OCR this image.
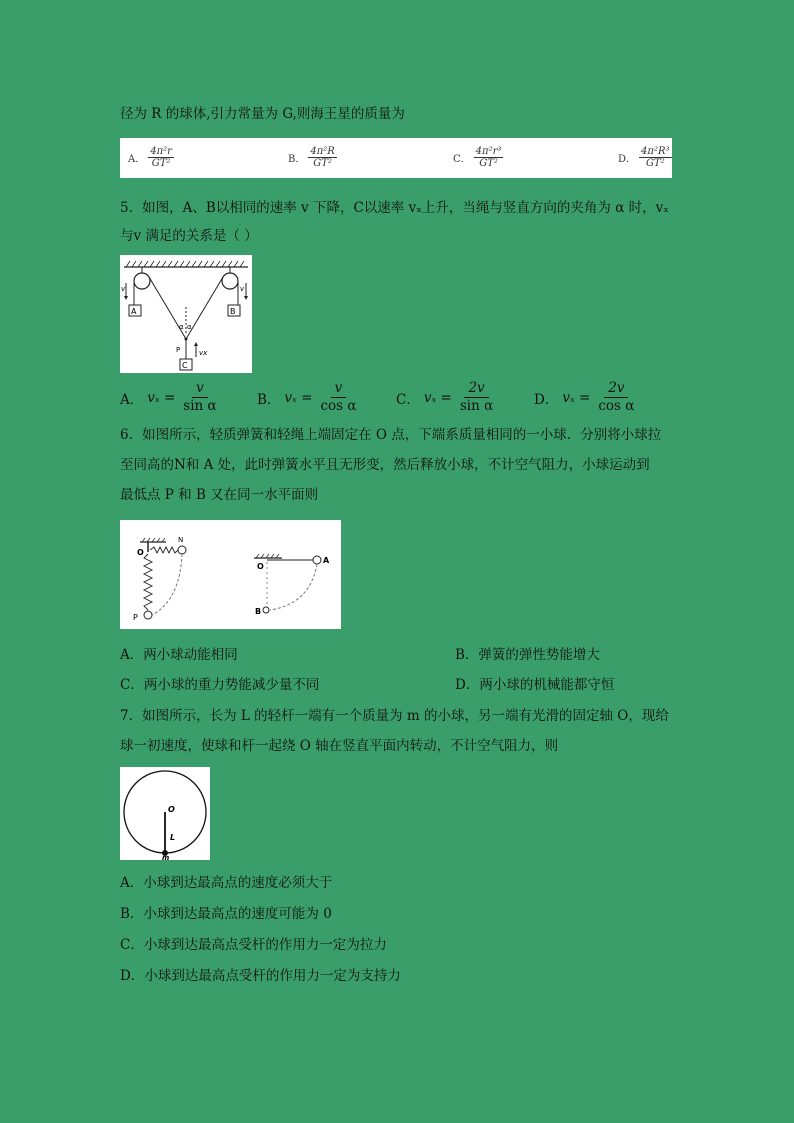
径为 R 的球体,引力常量为 G,则海王星的质量为
A． $\frac{\text{4π²r}}{\text{GT²}}$	B． $\frac{\text{4π²R}}{\text{GT²}}$	C． $\frac{\text{4π²r³}}{\text{GT²}}$	D． $\frac{\text{4π²R³}}{\text{GT²}}$
5．如图，A、B以相同的速率 v 下降，C以速率 vₓ上升，当绳与竖直方向的夹角为 α 时，vₓ
与v 满足的关系是（ ）
A	B
v	v
α α
P
C
vx
A． $v_x = \frac{v}{\text{sin α}}$	B． $v_x = \frac{v}{\text{cos α}}$	C． $v_x = \frac{2v}{\text{sin α}}$	D． $v_x = \frac{2v}{\text{cos α}}$
6．如图所示，轻质弹簧和轻绳上端固定在 O 点，下端系质量相同的一小球．分别将小球拉
至同高的N和 A 处，此时弹簧水平且无形变，然后释放小球，不计空气阻力，小球运动到
最低点 P 和 B 又在同一水平面则
O
N
P
O
A
B
A．两小球动能相同	B．弹簧的弹性势能增大
C．两小球的重力势能减少量不同	D．两小球的机械能都守恒
7．如图所示，长为 L 的轻杆一端有一个质量为 m 的小球，另一端有光滑的固定轴 O，现给
球一初速度，使球和杆一起绕 O 轴在竖直平面内转动，不计空气阻力，则
O
L
m
A．小球到达最高点的速度必须大于
B．小球到达最高点的速度可能为 0
C．小球到达最高点受杆的作用力一定为拉力
D．小球到达最高点受杆的作用力一定为支持力
